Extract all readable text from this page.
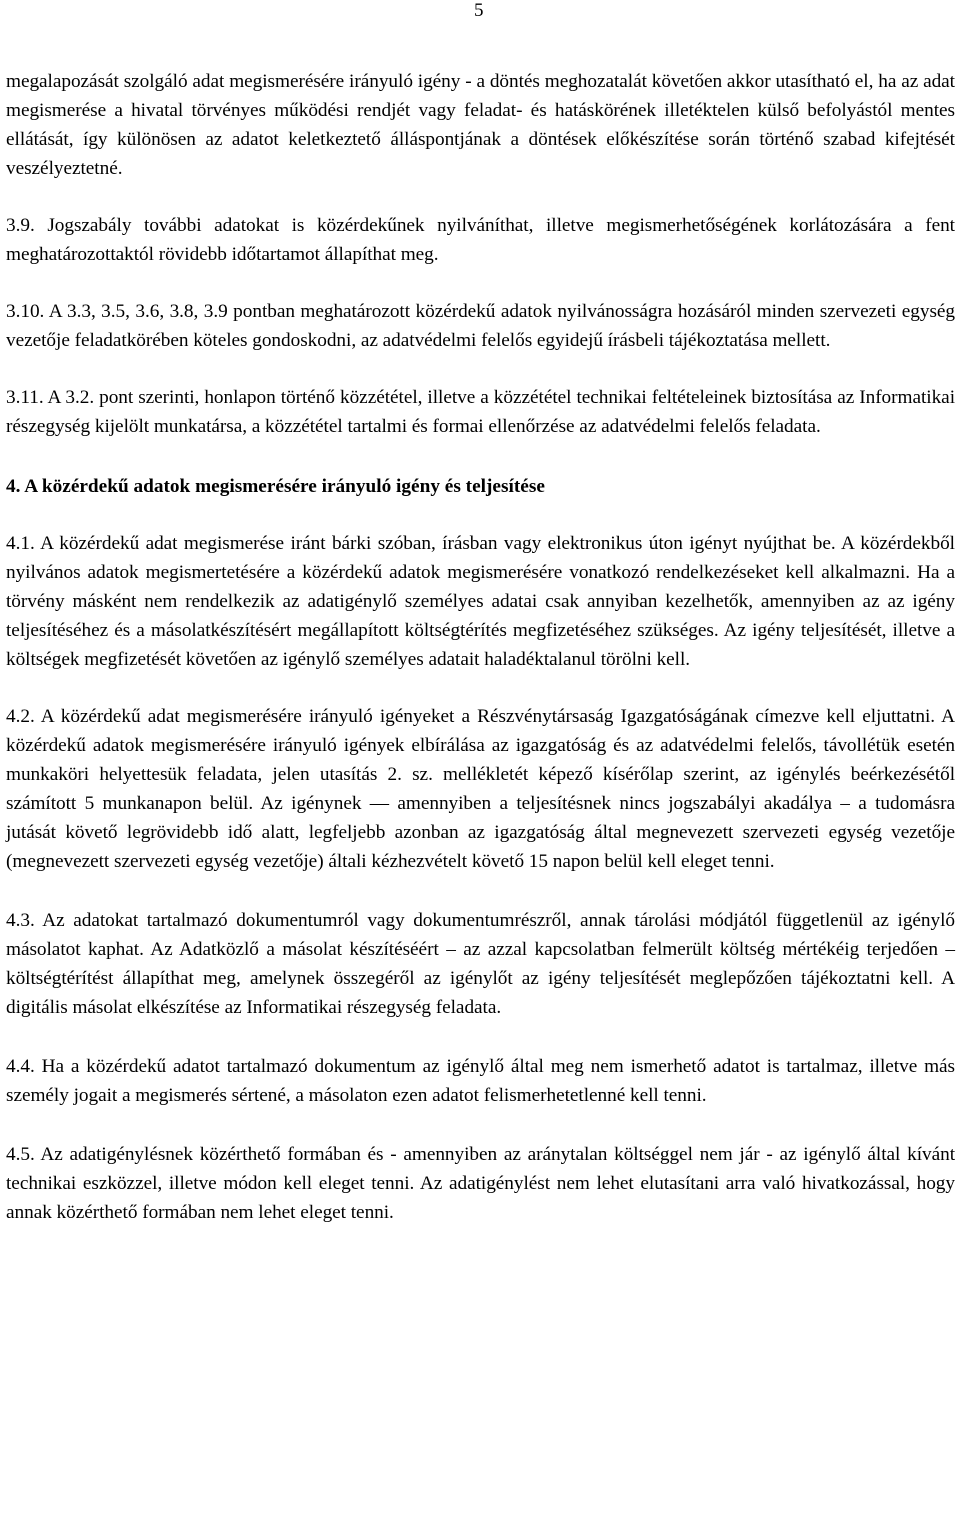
5

megalapozását szolgáló adat megismerésére irányuló igény - a döntés meghozatalát követően akkor utasítható el, ha az adat megismerése a hivatal törvényes működési rendjét vagy feladat- és hatáskörének illetéktelen külső befolyástól mentes ellátását, így különösen az adatot keletkeztető álláspontjának a döntések előkészítése során történő szabad kifejtését veszélyeztetné.

3.9. Jogszabály további adatokat is közérdekűnek nyilváníthat, illetve megismerhetőségének korlátozására a fent meghatározottaktól rövidebb időtartamot állapíthat meg.

3.10. A 3.3, 3.5, 3.6, 3.8, 3.9 pontban meghatározott közérdekű adatok nyilvánosságra hozásáról minden szervezeti egység vezetője feladatkörében köteles gondoskodni, az adatvédelmi felelős egyidejű írásbeli tájékoztatása mellett.

3.11. A 3.2. pont szerinti, honlapon történő közzététel, illetve a közzététel technikai feltételeinek biztosítása az Informatikai részegység kijelölt munkatársa, a közzététel tartalmi és formai ellenőrzése az adatvédelmi felelős feladata.

4. A közérdekű adatok megismerésére irányuló igény és teljesítése

4.1. A közérdekű adat megismerése iránt bárki szóban, írásban vagy elektronikus úton igényt nyújthat be. A közérdekből nyilvános adatok megismertetésére a közérdekű adatok megismerésére vonatkozó rendelkezéseket kell alkalmazni. Ha a törvény másként nem rendelkezik az adatigénylő személyes adatai csak annyiban kezelhetők, amennyiben az az igény teljesítéséhez és a másolatkészítésért megállapított költségtérítés megfizetéséhez szükséges. Az igény teljesítését, illetve a költségek megfizetését követően az igénylő személyes adatait haladéktalanul törölni kell.

4.2. A közérdekű adat megismerésére irányuló igényeket a Részvénytársaság Igazgatóságának címezve kell eljuttatni. A közérdekű adatok megismerésére irányuló igények elbírálása az igazgatóság és az adatvédelmi felelős, távollétük esetén munkaköri helyettesük feladata, jelen utasítás 2. sz. mellékletét képező kísérőlap szerint, az igénylés beérkezésétől számított 5 munkanapon belül. Az igénynek — amennyiben a teljesítésnek nincs jogszabályi akadálya – a tudomásra jutását követő legrövidebb idő alatt, legfeljebb azonban az igazgatóság által megnevezett szervezeti egység vezetője (megnevezett szervezeti egység vezetője) általi kézhezvételt követő 15 napon belül kell eleget tenni.

4.3. Az adatokat tartalmazó dokumentumról vagy dokumentumrészről, annak tárolási módjától függetlenül az igénylő másolatot kaphat. Az Adatközlő a másolat készítéséért – az azzal kapcsolatban felmerült költség mértékéig terjedően – költségtérítést állapíthat meg, amelynek összegéről az igénylőt az igény teljesítését meglepőzően tájékoztatni kell. A digitális másolat elkészítése az Informatikai részegység feladata.

4.4. Ha a közérdekű adatot tartalmazó dokumentum az igénylő által meg nem ismerhető adatot is tartalmaz, illetve más személy jogait a megismerés sértené, a másolaton ezen adatot felismerhetetlenné kell tenni.

4.5. Az adatigénylésnek közérthető formában és - amennyiben az aránytalan költséggel nem jár - az igénylő által kívánt technikai eszközzel, illetve módon kell eleget tenni. Az adatigénylést nem lehet elutasítani arra való hivatkozással, hogy annak közérthető formában nem lehet eleget tenni.
